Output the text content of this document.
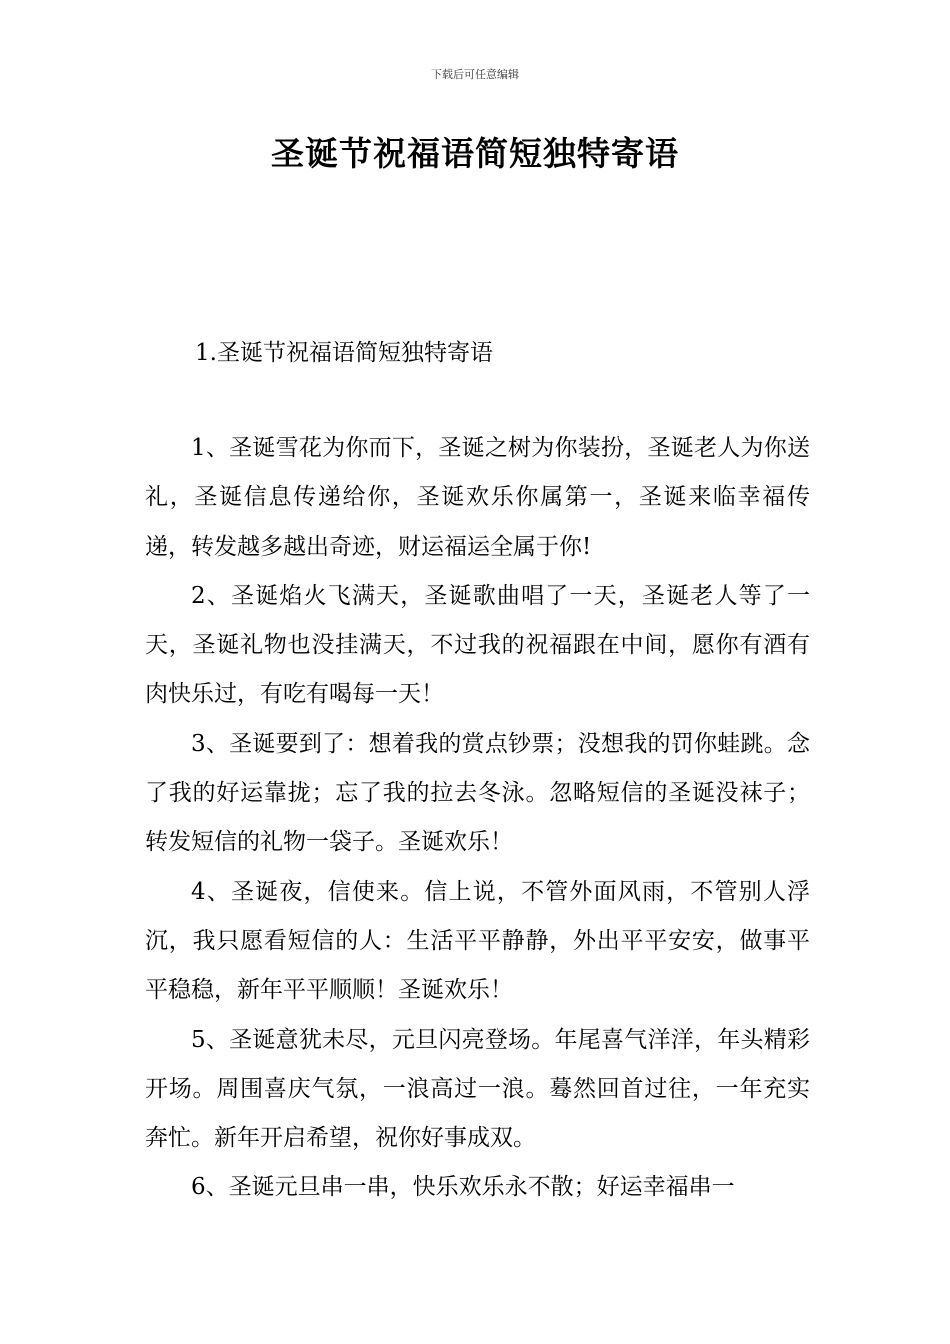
下载后可任意编辑
圣诞节祝福语简短独特寄语
1.圣诞节祝福语简短独特寄语

1、圣诞雪花为你而下，圣诞之树为你装扮，圣诞老人为你送礼，圣诞信息传递给你，圣诞欢乐你属第一，圣诞来临幸福传递，转发越多越出奇迹，财运福运全属于你!

2、圣诞焰火飞满天，圣诞歌曲唱了一天，圣诞老人等了一天，圣诞礼物也没挂满天，不过我的祝福跟在中间，愿你有酒有肉快乐过，有吃有喝每一天！

3、圣诞要到了：想着我的赏点钞票；没想我的罚你蛙跳。念了我的好运靠拢；忘了我的拉去冬泳。忽略短信的圣诞没袜子；转发短信的礼物一袋子。圣诞欢乐！

4、圣诞夜，信使来。信上说，不管外面风雨，不管别人浮沉，我只愿看短信的人：生活平平静静，外出平平安安，做事平平稳稳，新年平平顺顺！圣诞欢乐！

5、圣诞意犹未尽，元旦闪亮登场。年尾喜气洋洋，年头精彩开场。周围喜庆气氛，一浪高过一浪。蓦然回首过往，一年充实奔忙。新年开启希望，祝你好事成双。

6、圣诞元旦串一串，快乐欢乐永不散；好运幸福串一
